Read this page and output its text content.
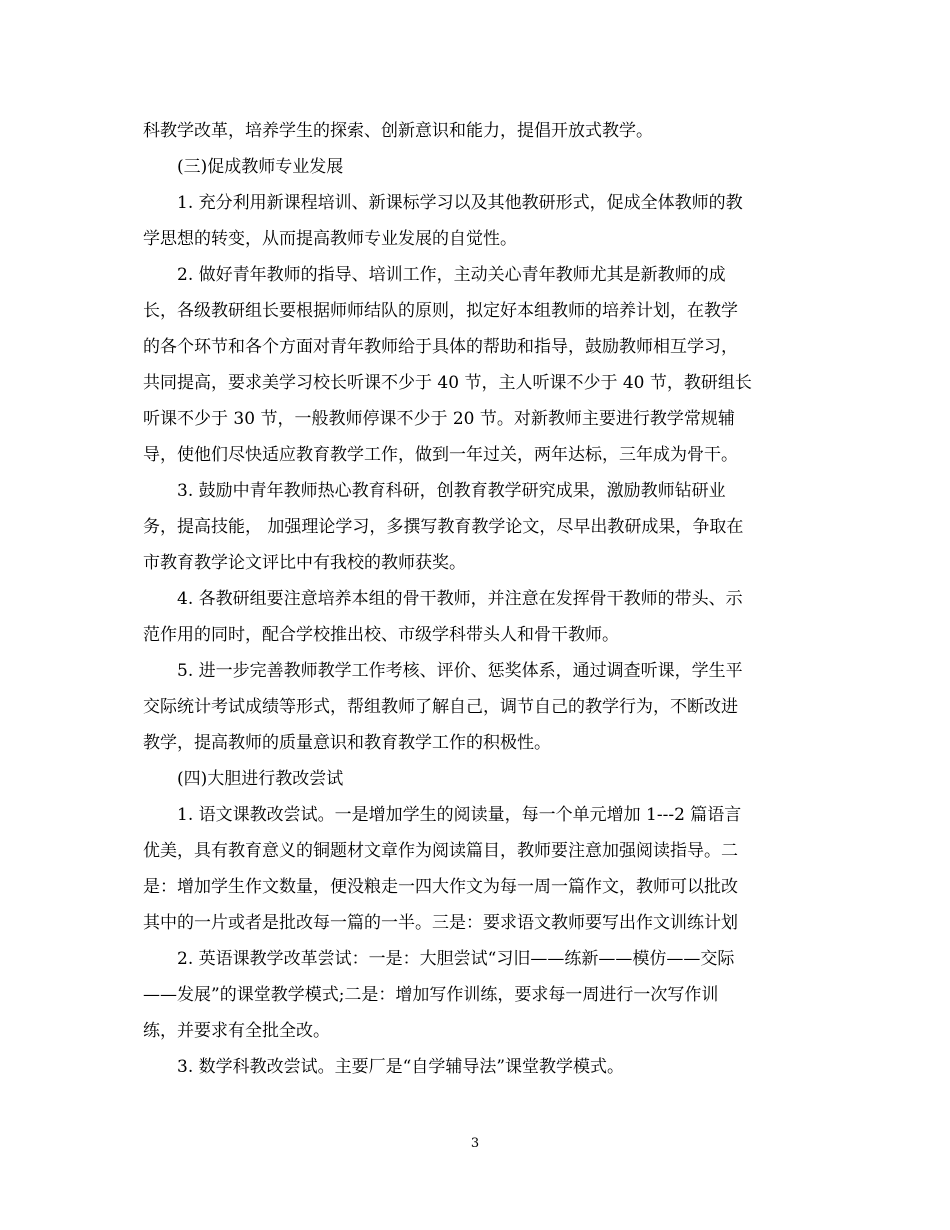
科教学改革，培养学生的探索、创新意识和能力，提倡开放式教学。
(三)促成教师专业发展
1. 充分利用新课程培训、新课标学习以及其他教研形式，促成全体教师的教
学思想的转变，从而提高教师专业发展的自觉性。
2. 做好青年教师的指导、培训工作，主动关心青年教师尤其是新教师的成
长，各级教研组长要根据师师结队的原则，拟定好本组教师的培养计划，在教学
的各个环节和各个方面对青年教师给于具体的帮助和指导，鼓励教师相互学习，
共同提高，要求美学习校长听课不少于 40 节，主人听课不少于 40 节，教研组长
听课不少于 30 节，一般教师停课不少于 20 节。对新教师主要进行教学常规辅
导，使他们尽快适应教育教学工作，做到一年过关，两年达标，三年成为骨干。
3. 鼓励中青年教师热心教育科研，创教育教学研究成果，激励教师钻研业
务，提高技能， 加强理论学习，多撰写教育教学论文，尽早出教研成果，争取在
市教育教学论文评比中有我校的教师获奖。
4. 各教研组要注意培养本组的骨干教师，并注意在发挥骨干教师的带头、示
范作用的同时，配合学校推出校、市级学科带头人和骨干教师。
5. 进一步完善教师教学工作考核、评价、惩奖体系，通过调查听课，学生平
交际统计考试成绩等形式，帮组教师了解自己，调节自己的教学行为，不断改进
教学，提高教师的质量意识和教育教学工作的积极性。
(四)大胆进行教改尝试
1. 语文课教改尝试。一是增加学生的阅读量，每一个单元增加 1---2 篇语言
优美，具有教育意义的铜题材文章作为阅读篇目，教师要注意加强阅读指导。二
是：增加学生作文数量，便没粮走一四大作文为每一周一篇作文，教师可以批改
其中的一片或者是批改每一篇的一半。三是：要求语文教师要写出作文训练计划
2. 英语课教学改革尝试：一是：大胆尝试“习旧——练新——模仿——交际
——发展”的课堂教学模式;二是：增加写作训练，要求每一周进行一次写作训
练，并要求有全批全改。
3. 数学科教改尝试。主要厂是“自学辅导法”课堂教学模式。
3
